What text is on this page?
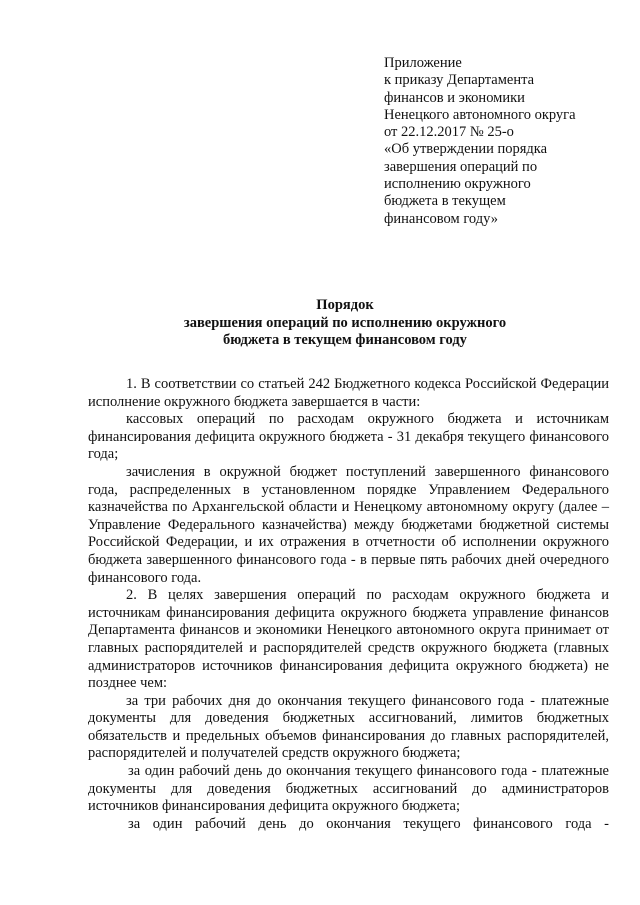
Приложение
к приказу Департамента
финансов и экономики
Ненецкого автономного округа
от 22.12.2017 № 25-о
«Об утверждении порядка
завершения операций по
исполнению окружного
бюджета в текущем
финансовом году»
Порядок
завершения операций по исполнению окружного
бюджета в текущем финансовом году

1. В соответствии со статьей 242 Бюджетного кодекса Российской Федерации исполнение окружного бюджета завершается в части:

кассовых операций по расходам окружного бюджета и источникам финансирования дефицита окружного бюджета - 31 декабря текущего финансового года;

зачисления в окружной бюджет поступлений завершенного финансового года, распределенных в установленном порядке Управлением Федерального казначейства по Архангельской области и Ненецкому автономному округу (далее – Управление Федерального казначейства) между бюджетами бюджетной системы Российской Федерации, и их отражения в отчетности об исполнении окружного бюджета завершенного финансового года - в первые пять рабочих дней очередного финансового года.

2. В целях завершения операций по расходам окружного бюджета и источникам финансирования дефицита окружного бюджета управление финансов Департамента финансов и экономики Ненецкого автономного округа принимает от главных распорядителей и распорядителей средств окружного бюджета (главных администраторов источников финансирования дефицита окружного бюджета) не позднее чем:

за три рабочих дня до окончания текущего финансового года - платежные документы для доведения бюджетных ассигнований, лимитов бюджетных обязательств и предельных объемов финансирования до главных распорядителей, распорядителей и получателей средств окружного бюджета;

за один рабочий день до окончания текущего финансового года - платежные документы для доведения бюджетных ассигнований до администраторов источников финансирования дефицита окружного бюджета;

за один рабочий день до окончания текущего финансового года -
